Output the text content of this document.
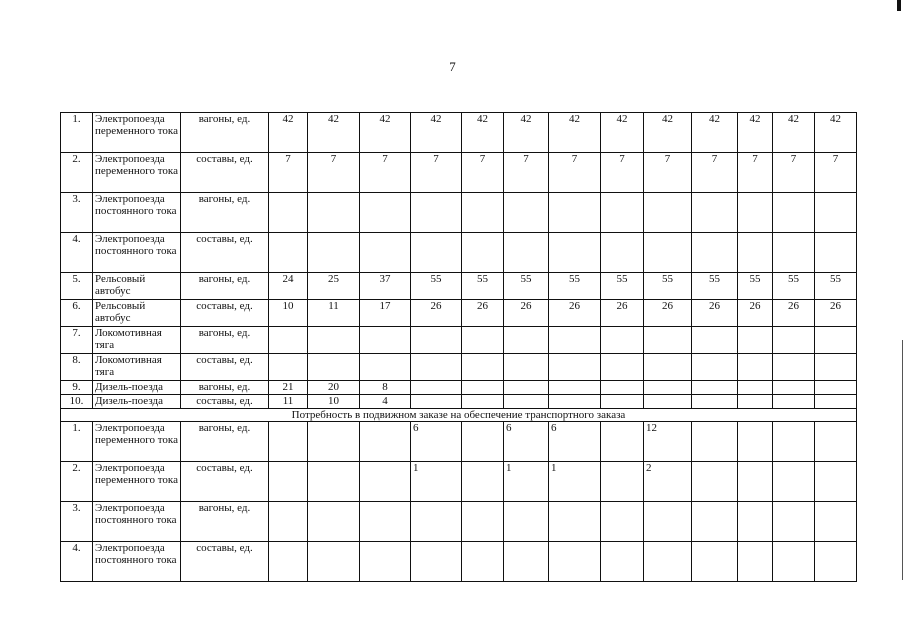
7
1.	Электропоезда переменного тока	вагоны, ед.	42	42	42	42	42	42	42	42	42	42	42	42	42
2.	Электропоезда переменного тока	составы, ед.	7	7	7	7	7	7	7	7	7	7	7	7	7
3.	Электропоезда постоянного тока	вагоны, ед.													
4.	Электропоезда постоянного тока	составы, ед.													
5.	Рельсовый автобус	вагоны, ед.	24	25	37	55	55	55	55	55	55	55	55	55	55
6.	Рельсовый автобус	составы, ед.	10	11	17	26	26	26	26	26	26	26	26	26	26
7.	Локомотивная тяга	вагоны, ед.													
8.	Локомотивная тяга	составы, ед.													
9.	Дизель-поезда	вагоны, ед.	21	20	8										
10.	Дизель-поезда	составы, ед.	11	10	4										
Потребность в подвижном заказе на обеспечение транспортного заказа															
1.	Электропоезда переменного тока	вагоны, ед.				6		6	6		12				
2.	Электропоезда переменного тока	составы, ед.				1		1	1		2				
3.	Электропоезда постоянного тока	вагоны, ед.													
4.	Электропоезда постоянного тока	составы, ед.													
